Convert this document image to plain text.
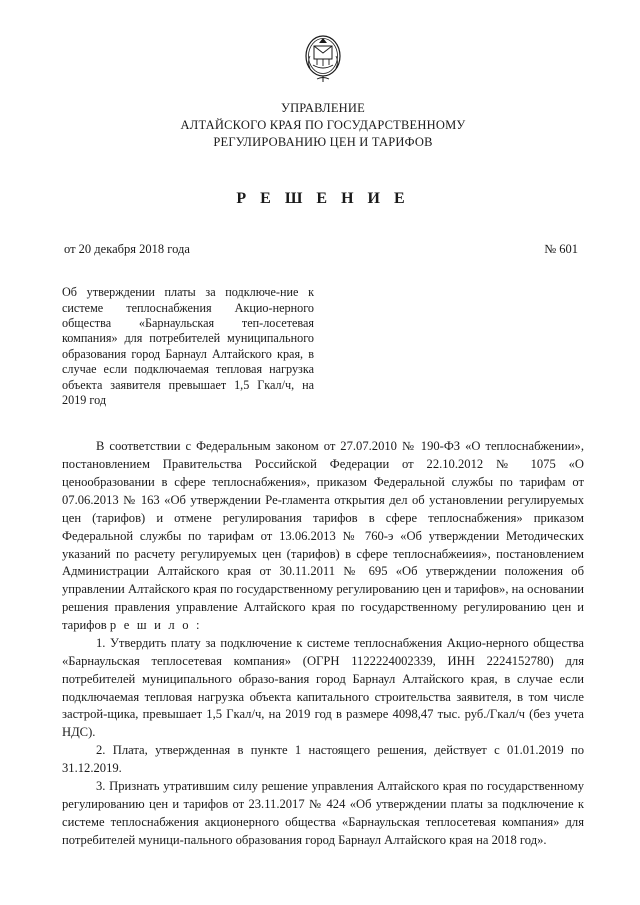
УПРАВЛЕНИЕ
АЛТАЙСКОГО КРАЯ ПО ГОСУДАРСТВЕННОМУ
РЕГУЛИРОВАНИЮ ЦЕН И ТАРИФОВ
Р Е Ш Е Н И Е
от 20 декабря 2018 года	№ 601
Об утверждении платы за подключе-ние к системе теплоснабжения Акцио-нерного общества «Барнаульская теп-лосетевая компания» для потребителей муниципального образования город Барнаул Алтайского края, в случае если подключаемая тепловая нагрузка объекта заявителя превышает 1,5 Гкал/ч, на 2019 год

В соответствии с Федеральным законом от 27.07.2010 № 190-ФЗ «О теплоснабжении», постановлением Правительства Российской Федерации от 22.10.2012 № 1075 «О ценообразовании в сфере теплоснабжения», приказом Федеральной службы по тарифам от 07.06.2013 № 163 «Об утверждении Ре-гламента открытия дел об установлении регулируемых цен (тарифов) и отмене регулирования тарифов в сфере теплоснабжения» приказом Федеральной службы по тарифам от 13.06.2013 № 760-э «Об утверждении Методических указаний по расчету регулируемых цен (тарифов) в сфере теплоснабжеиия», постановлением Администрации Алтайского края от 30.11.2011 № 695 «Об утверждении положения об управлении Алтайского края по государственному регулированию цен и тарифов», на основании решения правления управление Алтайского края по государственному регулированию цен и тарифов р е ш и л о :

1. Утвердить плату за подключение к системе теплоснабжения Акцио-нерного общества «Барнаульская теплосетевая компания» (ОГРН 1122224002339, ИНН 2224152780) для потребителей муниципального образо-вания город Барнаул Алтайского края, в случае если подключаемая тепловая нагрузка объекта капитального строительства заявителя, в том числе застрой-щика, превышает 1,5 Гкал/ч, на 2019 год в размере 4098,47 тыс. руб./Гкал/ч (без учета НДС).

2. Плата, утвержденная в пункте 1 настоящего решения, действует с 01.01.2019 по 31.12.2019.

3. Признать утратившим силу решение управления Алтайского края по государственному регулированию цен и тарифов от 23.11.2017 № 424 «Об утверждении платы за подключение к системе теплоснабжения акционерного общества «Барнаульская теплосетевая компания» для потребителей муници-пального образования город Барнаул Алтайского края на 2018 год».
